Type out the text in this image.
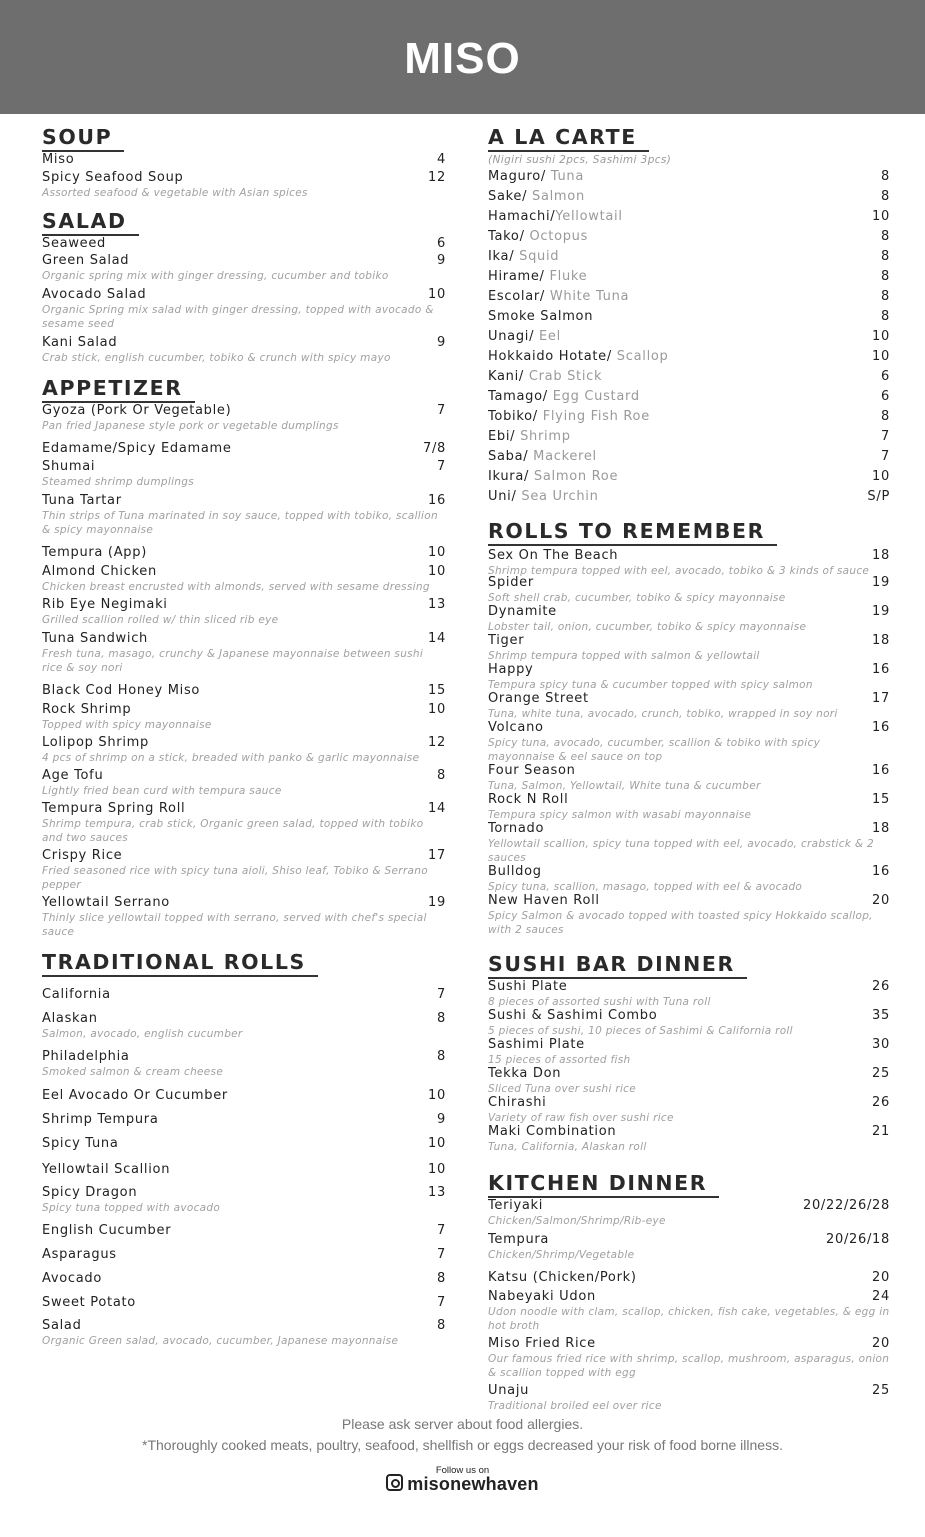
MISO
SOUP
Miso	4
Spicy Seafood Soup	12
Assorted seafood & vegetable with Asian spices
SALAD
Seaweed	6
Green Salad	9
Organic spring mix with ginger dressing, cucumber and tobiko
Avocado Salad	10
Organic Spring mix salad with ginger dressing, topped with avocado & sesame seed
Kani Salad	9
Crab stick, english cucumber, tobiko & crunch with spicy mayo
APPETIZER
Gyoza (Pork Or Vegetable)	7
Pan fried Japanese style pork or vegetable dumplings
Edamame/Spicy Edamame	7/8
Shumai	7
Steamed shrimp dumplings
Tuna Tartar	16
Thin strips of Tuna marinated in soy sauce, topped with tobiko, scallion & spicy mayonnaise
Tempura (App)	10
Almond Chicken	10
Chicken breast encrusted with almonds, served with sesame dressing
Rib Eye Negimaki	13
Grilled scallion rolled w/ thin sliced rib eye
Tuna Sandwich	14
Fresh tuna, masago, crunchy & Japanese mayonnaise between sushi rice & soy nori
Black Cod Honey Miso	15
Rock Shrimp	10
Topped with spicy mayonnaise
Lolipop Shrimp	12
4 pcs of shrimp on a stick, breaded with panko & garlic mayonnaise
Age Tofu	8
Lightly fried bean curd with tempura sauce
Tempura Spring Roll	14
Shrimp tempura, crab stick, Organic green salad, topped with tobiko and two sauces
Crispy Rice	17
Fried seasoned rice with spicy tuna aioli, Shiso leaf, Tobiko & Serrano pepper
Yellowtail Serrano	19
Thinly slice yellowtail topped with serrano, served with chef's special sauce
TRADITIONAL ROLLS
California	7
Alaskan	8
Salmon, avocado, english cucumber
Philadelphia	8
Smoked salmon & cream cheese
Eel Avocado Or Cucumber	10
Shrimp Tempura	9
Spicy Tuna	10
Yellowtail Scallion	10
Spicy Dragon	13
Spicy tuna topped with avocado
English Cucumber	7
Asparagus	7
Avocado	8
Sweet Potato	7
Salad	8
Organic Green salad, avocado, cucumber, Japanese mayonnaise
A LA CARTE
(Nigiri sushi 2pcs, Sashimi 3pcs)
Maguro/ Tuna	8
Sake/ Salmon	8
Hamachi/Yellowtail	10
Tako/ Octopus	8
Ika/ Squid	8
Hirame/ Fluke	8
Escolar/ White Tuna	8
Smoke Salmon	8
Unagi/ Eel	10
Hokkaido Hotate/ Scallop	10
Kani/ Crab Stick	6
Tamago/ Egg Custard	6
Tobiko/ Flying Fish Roe	8
Ebi/ Shrimp	7
Saba/ Mackerel	7
Ikura/ Salmon Roe	10
Uni/ Sea Urchin	S/P
ROLLS TO REMEMBER
Sex On The Beach	18
Shrimp tempura topped with eel, avocado, tobiko & 3 kinds of sauce
Spider	19
Soft shell crab, cucumber, tobiko & spicy mayonnaise
Dynamite	19
Lobster tail, onion, cucumber, tobiko & spicy mayonnaise
Tiger	18
Shrimp tempura topped with salmon & yellowtail
Happy	16
Tempura spicy tuna & cucumber topped with spicy salmon
Orange Street	17
Tuna, white tuna, avocado, crunch, tobiko, wrapped in soy nori
Volcano	16
Spicy tuna, avocado, cucumber, scallion & tobiko with spicy mayonnaise & eel sauce on top
Four Season	16
Tuna, Salmon, Yellowtail, White tuna & cucumber
Rock N Roll	15
Tempura spicy salmon with wasabi mayonnaise
Tornado	18
Yellowtail scallion, spicy tuna topped with eel, avocado, crabstick & 2 sauces
Bulldog	16
Spicy tuna, scallion, masago, topped with eel & avocado
New Haven Roll	20
Spicy Salmon & avocado topped with toasted spicy Hokkaido scallop, with 2 sauces
SUSHI BAR DINNER
Sushi Plate	26
8 pieces of assorted sushi with Tuna roll
Sushi & Sashimi Combo	35
5 pieces of sushi, 10 pieces of Sashimi & California roll
Sashimi Plate	30
15 pieces of assorted fish
Tekka Don	25
Sliced Tuna over sushi rice
Chirashi	26
Variety of raw fish over sushi rice
Maki Combination	21
Tuna, California, Alaskan roll
KITCHEN DINNER
Teriyaki	20/22/26/28
Chicken/Salmon/Shrimp/Rib-eye
Tempura	20/26/18
Chicken/Shrimp/Vegetable
Katsu (Chicken/Pork)	20
Nabeyaki Udon	24
Udon noodle with clam, scallop, chicken, fish cake, vegetables, & egg in hot broth
Miso Fried Rice	20
Our famous fried rice with shrimp, scallop, mushroom, asparagus, onion & scallion topped with egg
Unaju	25
Traditional broiled eel over rice
Please ask server about food allergies.
*Thoroughly cooked meats, poultry, seafood, shellfish or eggs decreased your risk of food borne illness.
Follow us on
misonewhaven
